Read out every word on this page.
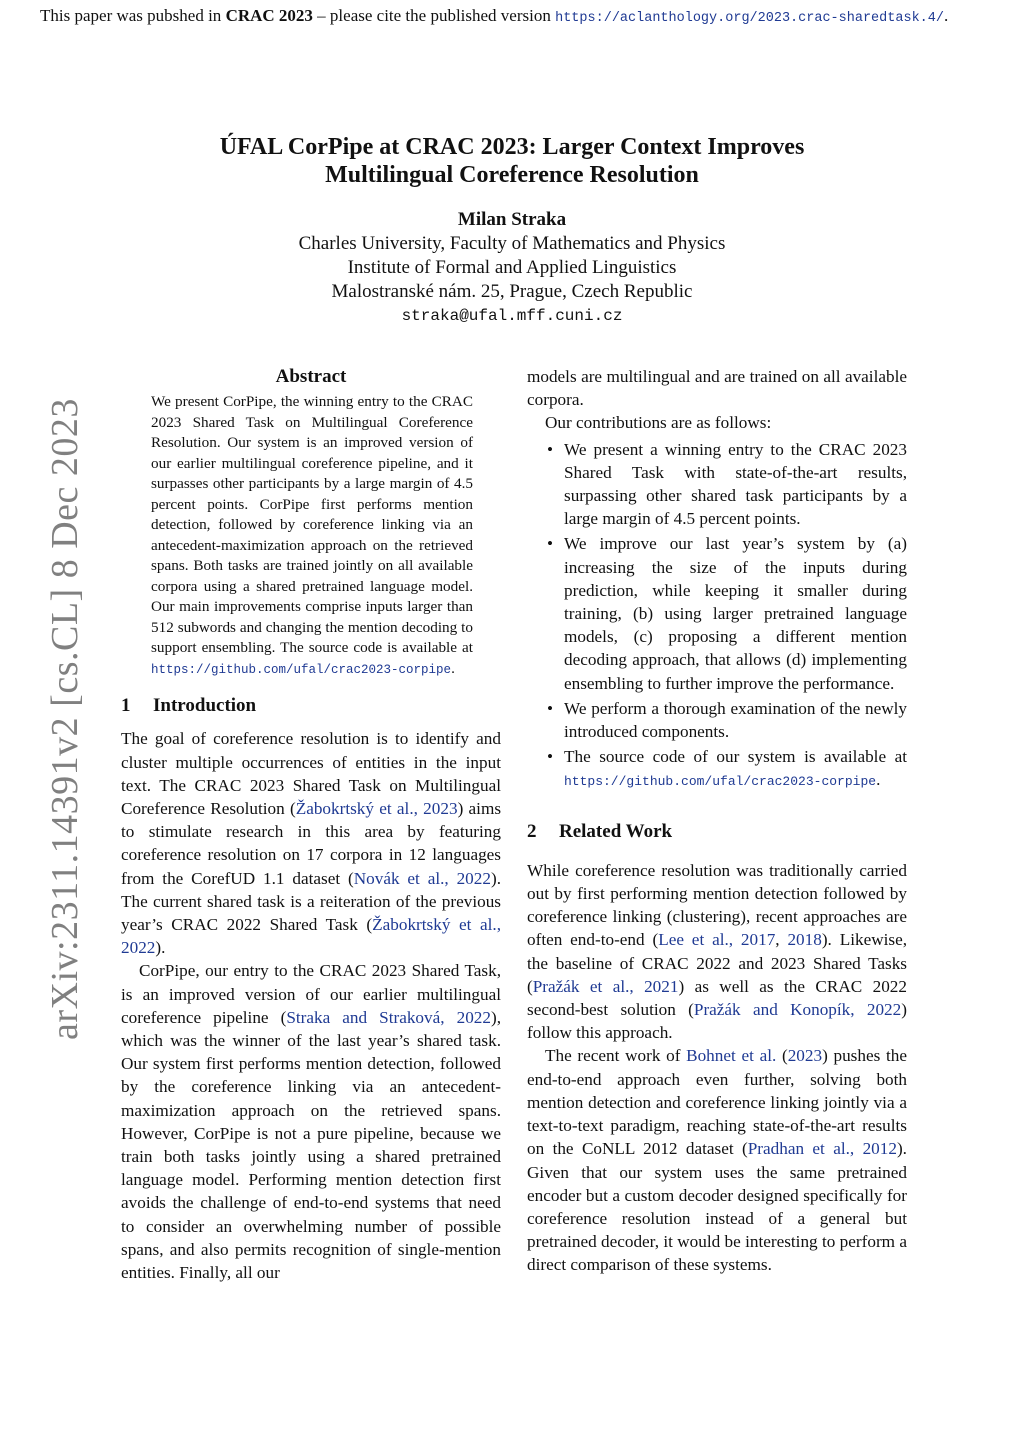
This paper was pubshed in CRAC 2023 – please cite the published version https://aclanthology.org/2023.crac-sharedtask.4/.
arXiv:2311.14391v2 [cs.CL] 8 Dec 2023
ÚFAL CorPipe at CRAC 2023: Larger Context Improves
Multilingual Coreference Resolution
Milan Straka
Charles University, Faculty of Mathematics and Physics
Institute of Formal and Applied Linguistics
Malostranské nám. 25, Prague, Czech Republic
straka@ufal.mff.cuni.cz
Abstract
We present CorPipe, the winning entry to the CRAC 2023 Shared Task on Multilingual Coreference Resolution. Our system is an improved version of our earlier multilingual coreference pipeline, and it surpasses other participants by a large margin of 4.5 percent points. CorPipe first performs mention detection, followed by coreference linking via an antecedent-maximization approach on the retrieved spans. Both tasks are trained jointly on all available corpora using a shared pretrained language model. Our main improvements comprise inputs larger than 512 subwords and changing the mention decoding to support ensembling. The source code is available at https://github.com/ufal/crac2023-corpipe.
1 Introduction

The goal of coreference resolution is to identify and cluster multiple occurrences of entities in the input text. The CRAC 2023 Shared Task on Multilingual Coreference Resolution (Žabokrtský et al., 2023) aims to stimulate research in this area by featuring coreference resolution on 17 corpora in 12 languages from the CorefUD 1.1 dataset (Novák et al., 2022). The current shared task is a reiteration of the previous year’s CRAC 2022 Shared Task (Žabokrtský et al., 2022).

CorPipe, our entry to the CRAC 2023 Shared Task, is an improved version of our earlier multilingual coreference pipeline (Straka and Straková, 2022), which was the winner of the last year’s shared task. Our system first performs mention detection, followed by the coreference linking via an antecedent-maximization approach on the retrieved spans. However, CorPipe is not a pure pipeline, because we train both tasks jointly using a shared pretrained language model. Performing mention detection first avoids the challenge of end-to-end systems that need to consider an overwhelming number of possible spans, and also permits recognition of single-mention entities. Finally, all our

models are multilingual and are trained on all available corpora.

Our contributions are as follows:

• We present a winning entry to the CRAC 2023 Shared Task with state-of-the-art results, surpassing other shared task participants by a large margin of 4.5 percent points.
• We improve our last year’s system by (a) increasing the size of the inputs during prediction, while keeping it smaller during training, (b) using larger pretrained language models, (c) proposing a different mention decoding approach, that allows (d) implementing ensembling to further improve the performance.
• We perform a thorough examination of the newly introduced components.
• The source code of our system is available at https://github.com/ufal/crac2023-corpipe.
2 Related Work

While coreference resolution was traditionally carried out by first performing mention detection followed by coreference linking (clustering), recent approaches are often end-to-end (Lee et al., 2017, 2018). Likewise, the baseline of CRAC 2022 and 2023 Shared Tasks (Pražák et al., 2021) as well as the CRAC 2022 second-best solution (Pražák and Konopík, 2022) follow this approach.

The recent work of Bohnet et al. (2023) pushes the end-to-end approach even further, solving both mention detection and coreference linking jointly via a text-to-text paradigm, reaching state-of-the-art results on the CoNLL 2012 dataset (Pradhan et al., 2012). Given that our system uses the same pretrained encoder but a custom decoder designed specifically for coreference resolution instead of a general but pretrained decoder, it would be interesting to perform a direct comparison of these systems.
